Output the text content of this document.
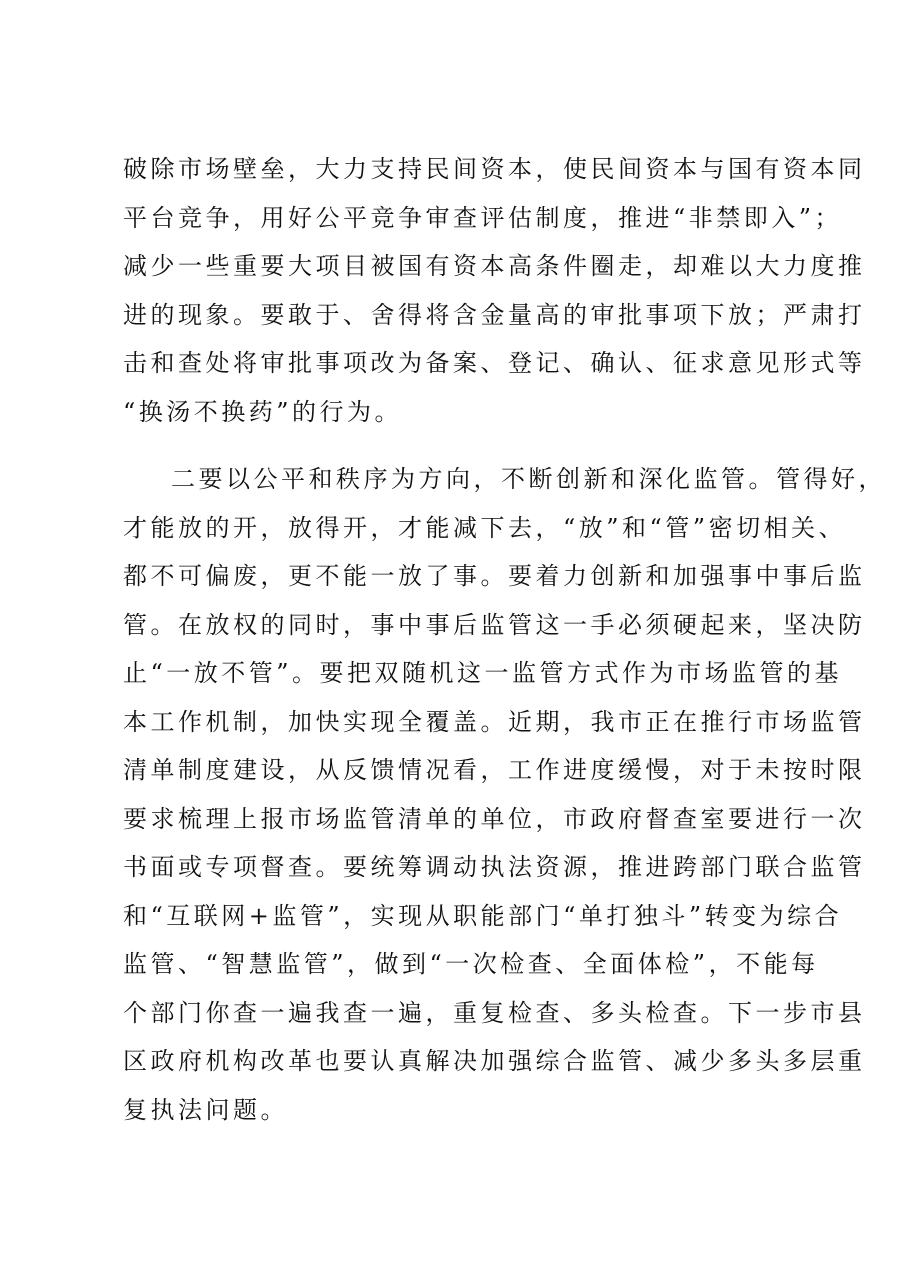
破除市场壁垒，大力支持民间资本，使民间资本与国有资本同
平台竞争，用好公平竞争审查评估制度，推进“非禁即入”；
减少一些重要大项目被国有资本高条件圈走，却难以大力度推
进的现象。要敢于、舍得将含金量高的审批事项下放；严肃打
击和查处将审批事项改为备案、登记、确认、征求意见形式等
“换汤不换药”的行为。
二要以公平和秩序为方向，不断创新和深化监管。管得好，
才能放的开，放得开，才能减下去，“放”和“管”密切相关、
都不可偏废，更不能一放了事。要着力创新和加强事中事后监
管。在放权的同时，事中事后监管这一手必须硬起来，坚决防
止“一放不管”。要把双随机这一监管方式作为市场监管的基
本工作机制，加快实现全覆盖。近期，我市正在推行市场监管
清单制度建设，从反馈情况看，工作进度缓慢，对于未按时限
要求梳理上报市场监管清单的单位，市政府督查室要进行一次
书面或专项督查。要统筹调动执法资源，推进跨部门联合监管
和“互联网+监管”，实现从职能部门“单打独斗”转变为综合
监管、“智慧监管”，做到“一次检查、全面体检”，不能每
个部门你查一遍我查一遍，重复检查、多头检查。下一步市县
区政府机构改革也要认真解决加强综合监管、减少多头多层重
复执法问题。
